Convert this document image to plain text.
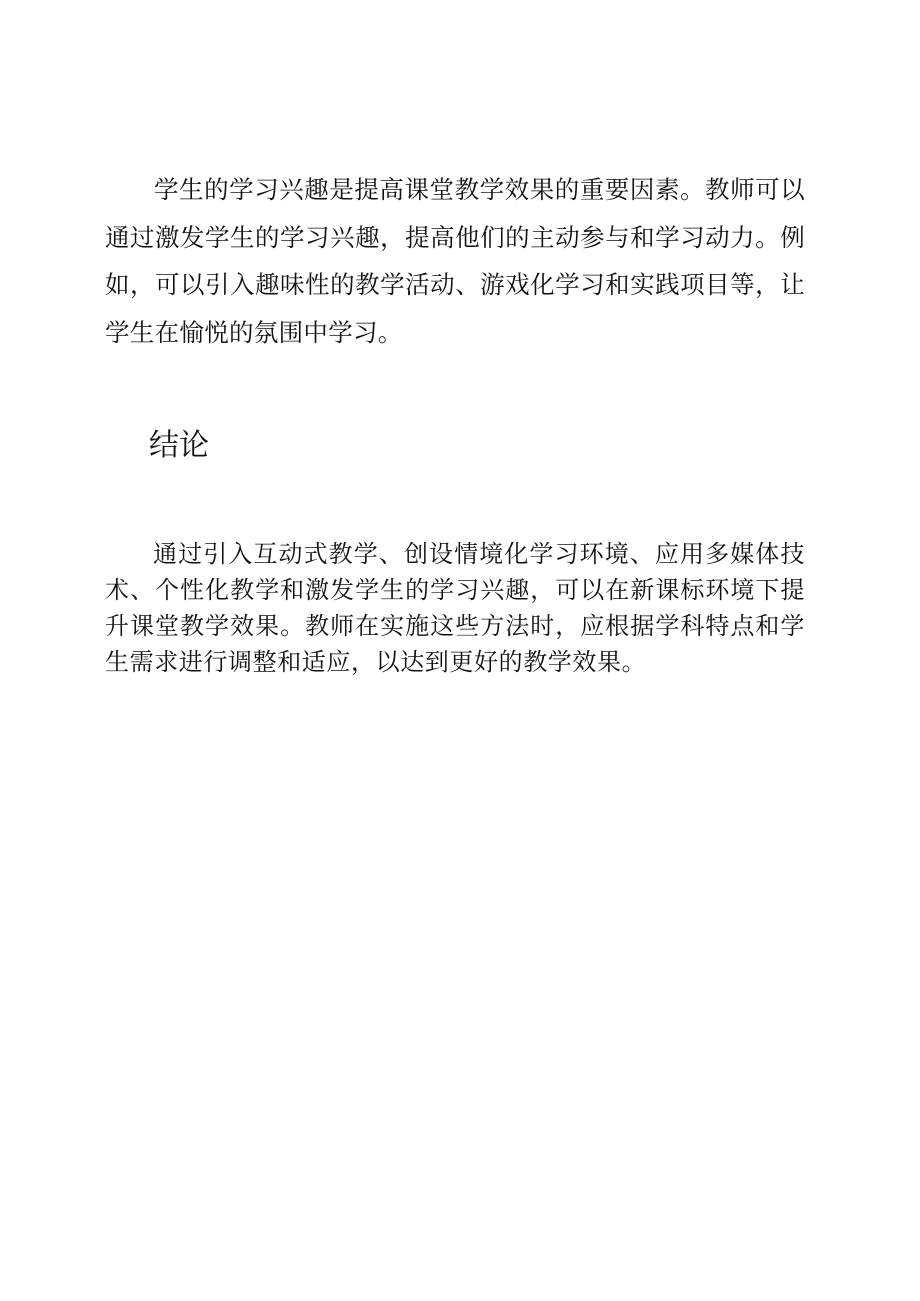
学生的学习兴趣是提高课堂教学效果的重要因素。教师可以通过激发学生的学习兴趣，提高他们的主动参与和学习动力。例如，可以引入趣味性的教学活动、游戏化学习和实践项目等，让学生在愉悦的氛围中学习。

结论

通过引入互动式教学、创设情境化学习环境、应用多媒体技术、个性化教学和激发学生的学习兴趣，可以在新课标环境下提升课堂教学效果。教师在实施这些方法时，应根据学科特点和学生需求进行调整和适应，以达到更好的教学效果。
